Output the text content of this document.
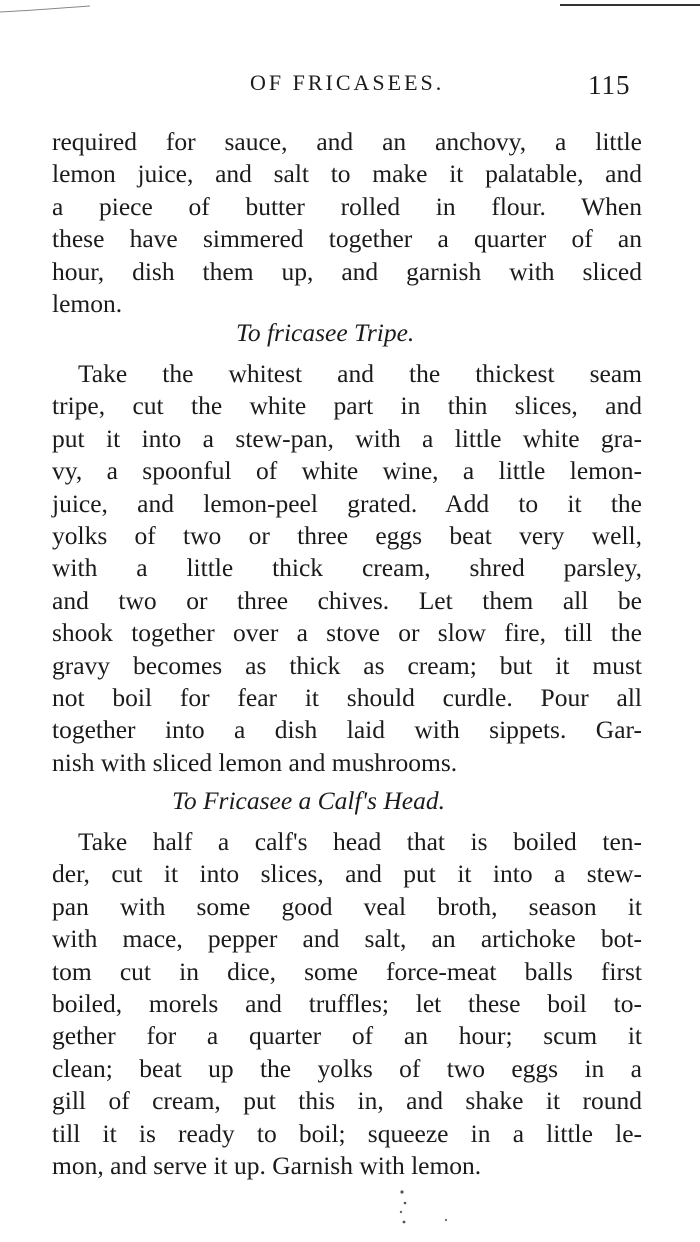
OF FRICASEES.	115
required for sauce, and an anchovy, a little
lemon juice, and salt to make it palatable, and
a piece of butter rolled in flour. When
these have simmered together a quarter of an
hour, dish them up, and garnish with sliced
lemon.
To fricasee Tripe.
Take the whitest and the thickest seam
tripe, cut the white part in thin slices, and
put it into a stew-pan, with a little white gra-
vy, a spoonful of white wine, a little lemon-
juice, and lemon-peel grated. Add to it the
yolks of two or three eggs beat very well,
with a little thick cream, shred parsley,
and two or three chives. Let them all be
shook together over a stove or slow fire, till the
gravy becomes as thick as cream; but it must
not boil for fear it should curdle. Pour all
together into a dish laid with sippets. Gar-
nish with sliced lemon and mushrooms.
To Fricasee a Calf's Head.
Take half a calf's head that is boiled ten-
der, cut it into slices, and put it into a stew-
pan with some good veal broth, season it
with mace, pepper and salt, an artichoke bot-
tom cut in dice, some force-meat balls first
boiled, morels and truffles; let these boil to-
gether for a quarter of an hour; scum it
clean; beat up the yolks of two eggs in a
gill of cream, put this in, and shake it round
till it is ready to boil; squeeze in a little le-
mon, and serve it up. Garnish with lemon.
